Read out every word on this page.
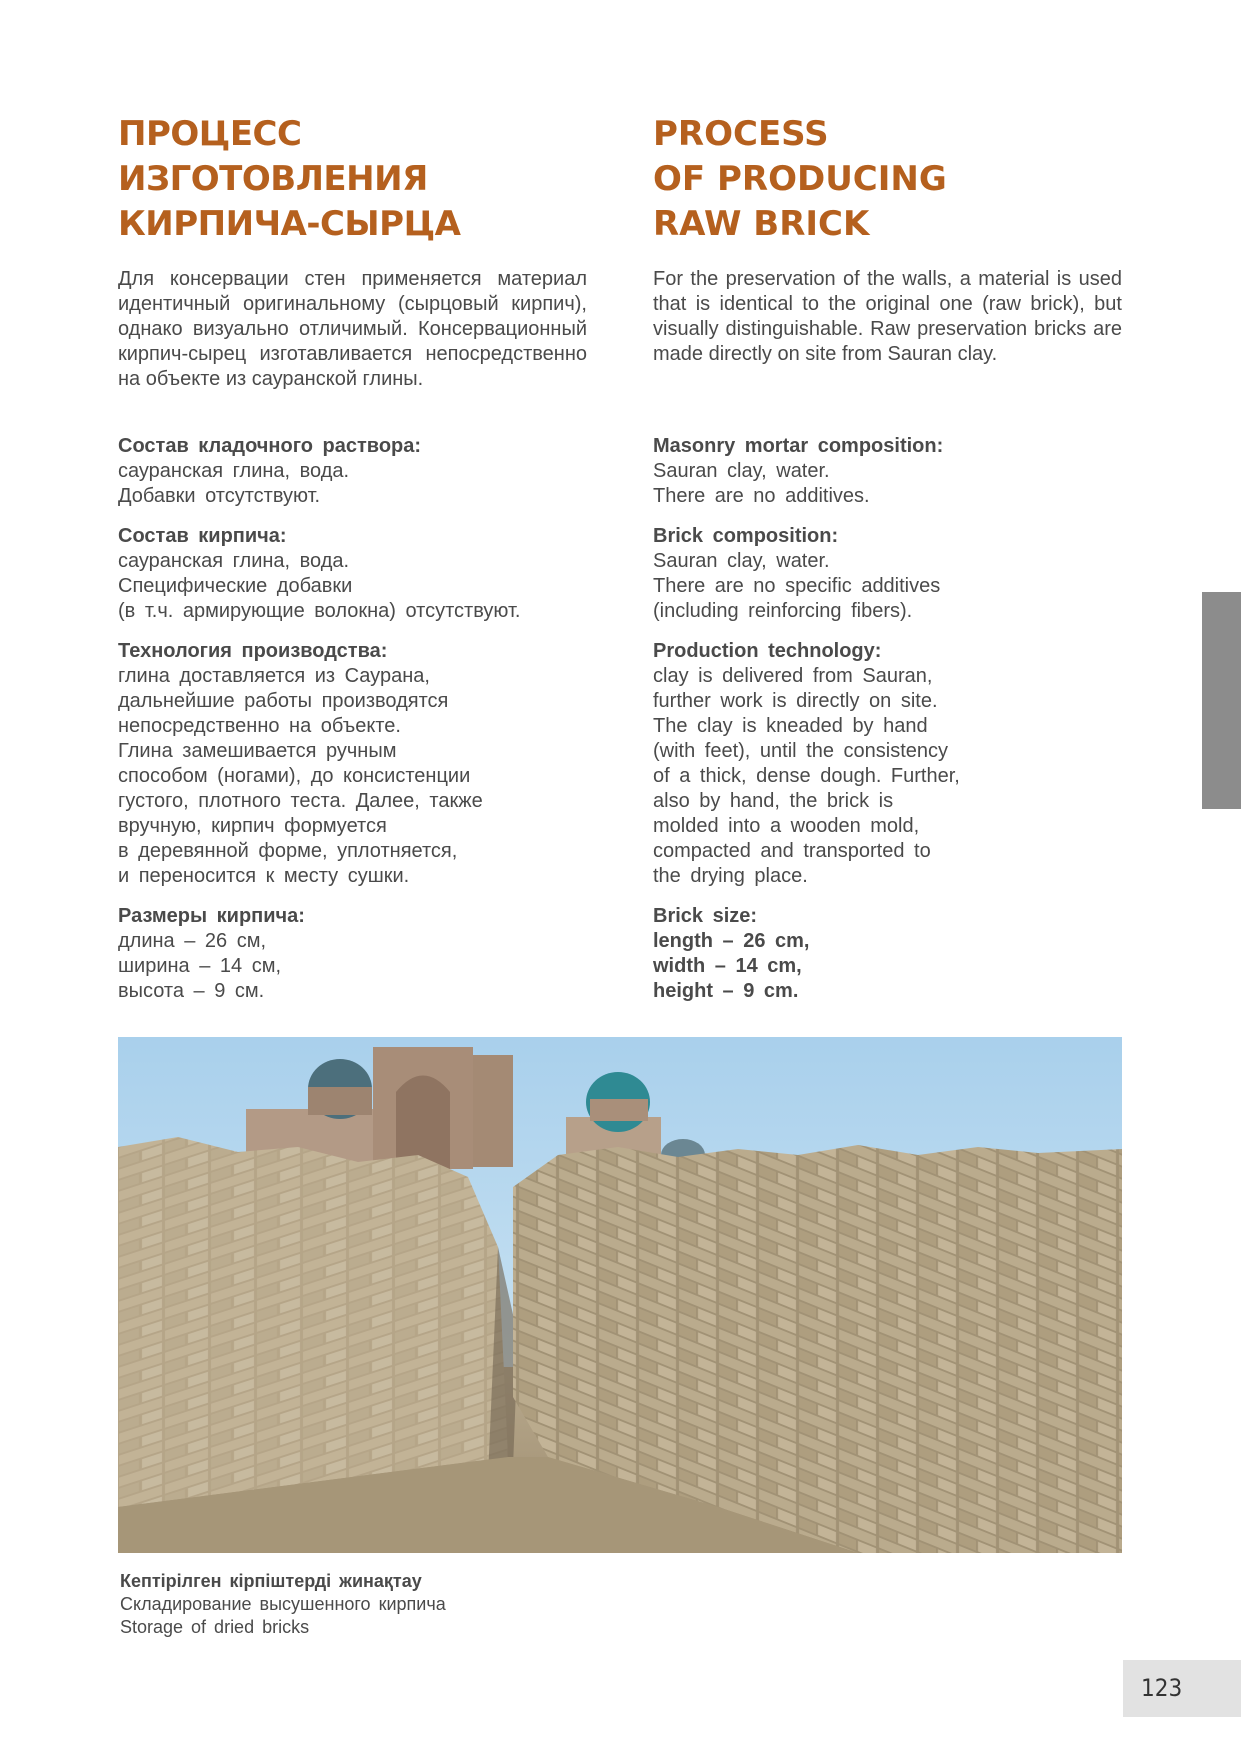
ПРОЦЕСС
ИЗГОТОВЛЕНИЯ
КИРПИЧА-СЫРЦА

Для консервации стен применяется материал идентичный оригинальному (сырцовый кирпич), однако визуально отличимый. Консервационный кирпич-сырец изготавливается непосредственно на объекте из сауранской глины.

Состав кладочного раствора:
сауранская глина, вода.
Добавки отсутствуют.
Состав кирпича:
сауранская глина, вода.
Специфические добавки
(в т.ч. армирующие волокна) отсутствуют.
Технология производства:
глина доставляется из Саурана,
дальнейшие работы производятся
непосредственно на объекте.
Глина замешивается ручным
способом (ногами), до консистенции
густого, плотного теста. Далее, также
вручную, кирпич формуется
в деревянной форме, уплотняется,
и переносится к месту сушки.
Размеры кирпича:
длина – 26 см,
ширина – 14 см,
высота – 9 см.
PROCESS
OF PRODUCING
RAW BRICK

For the preservation of the walls, a material is used that is identical to the original one (raw brick), but visually distinguishable. Raw preservation bricks are made directly on site from Sauran clay.

Masonry mortar composition:
Sauran clay, water.
There are no additives.
Brick composition:
Sauran clay, water.
There are no specific additives
(including reinforcing fibers).
Production technology:
clay is delivered from Sauran,
further work is directly on site.
The clay is kneaded by hand
(with feet), until the consistency
of a thick, dense dough. Further,
also by hand, the brick is
molded into a wooden mold,
compacted and transported to
the drying place.
Brick size:
length – 26 cm,
width – 14 cm,
height – 9 cm.
Кептірілген кірпіштерді жинақтау
Складирование высушенного кирпича
Storage of dried bricks
123
